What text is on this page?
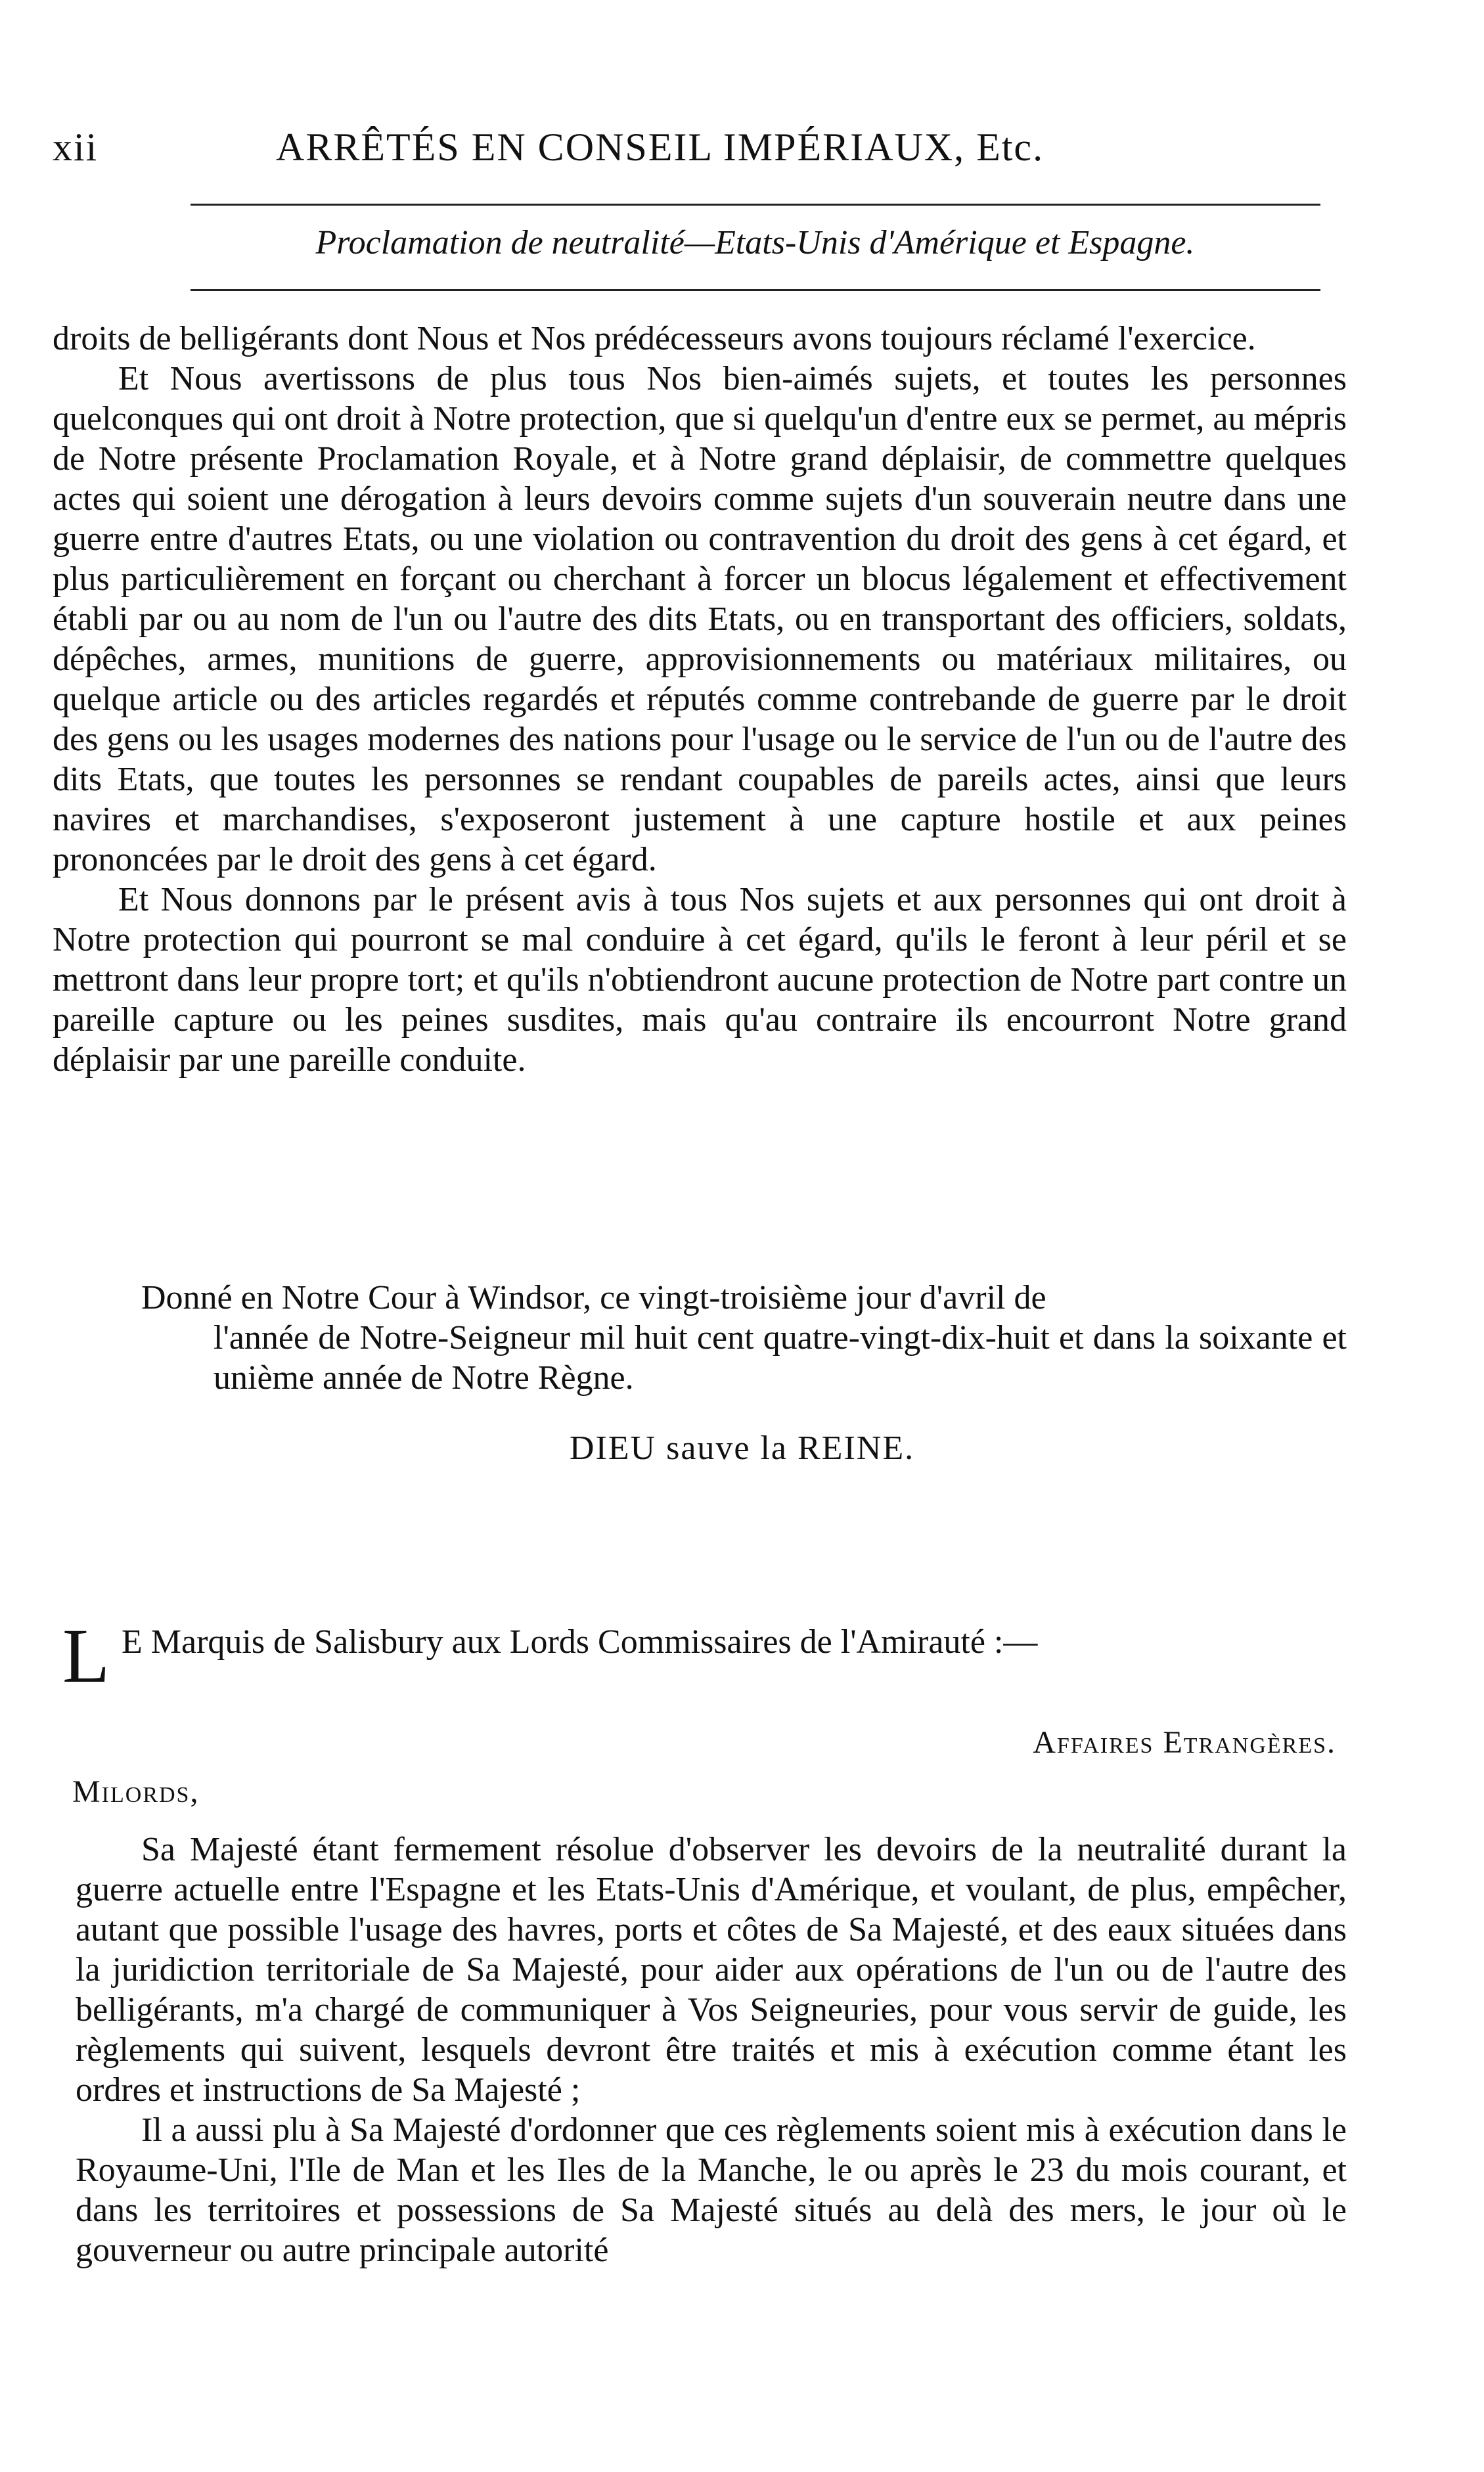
xii	ARRÊTÉS EN CONSEIL IMPÉRIAUX, Etc.
Proclamation de neutralité—Etats-Unis d'Amérique et Espagne.

droits de belligérants dont Nous et Nos prédécesseurs avons toujours réclamé l'exercice.

Et Nous avertissons de plus tous Nos bien-aimés sujets, et toutes les personnes quelconques qui ont droit à Notre protection, que si quelqu'un d'entre eux se permet, au mépris de Notre présente Proclamation Royale, et à Notre grand déplaisir, de commettre quelques actes qui soient une dérogation à leurs devoirs comme sujets d'un souverain neutre dans une guerre entre d'autres Etats, ou une violation ou contravention du droit des gens à cet égard, et plus particulièrement en forçant ou cherchant à forcer un blocus légalement et effectivement établi par ou au nom de l'un ou l'autre des dits Etats, ou en transportant des officiers, soldats, dépêches, armes, munitions de guerre, approvisionnements ou matériaux militaires, ou quelque article ou des articles regardés et réputés comme contrebande de guerre par le droit des gens ou les usages modernes des nations pour l'usage ou le service de l'un ou de l'autre des dits Etats, que toutes les personnes se rendant coupables de pareils actes, ainsi que leurs navires et marchandises, s'exposeront justement à une capture hostile et aux peines prononcées par le droit des gens à cet égard.

Et Nous donnons par le présent avis à tous Nos sujets et aux personnes qui ont droit à Notre protection qui pourront se mal conduire à cet égard, qu'ils le feront à leur péril et se mettront dans leur propre tort; et qu'ils n'obtiendront aucune protection de Notre part contre un pareille capture ou les peines susdites, mais qu'au contraire ils encourront Notre grand déplaisir par une pareille conduite.

Donné en Notre Cour à Windsor, ce vingt-troisième jour d'avril de

l'année de Notre-Seigneur mil huit cent quatre-vingt-dix-huit et dans la soixante et unième année de Notre Règne.

DIEU sauve la REINE.
L E Marquis de Salisbury aux Lords Commissaires de l'Amirauté :—
Affaires Etrangères.
Milords,

Sa Majesté étant fermement résolue d'observer les devoirs de la neutralité durant la guerre actuelle entre l'Espagne et les Etats-Unis d'Amérique, et voulant, de plus, empêcher, autant que possible l'usage des havres, ports et côtes de Sa Majesté, et des eaux situées dans la juridiction territoriale de Sa Majesté, pour aider aux opérations de l'un ou de l'autre des belligérants, m'a chargé de communiquer à Vos Seigneuries, pour vous servir de guide, les règlements qui suivent, lesquels devront être traités et mis à exécution comme étant les ordres et instructions de Sa Majesté ;

Il a aussi plu à Sa Majesté d'ordonner que ces règlements soient mis à exécution dans le Royaume-Uni, l'Ile de Man et les Iles de la Manche, le ou après le 23 du mois courant, et dans les territoires et possessions de Sa Majesté situés au delà des mers, le jour où le gouverneur ou autre principale autorité
